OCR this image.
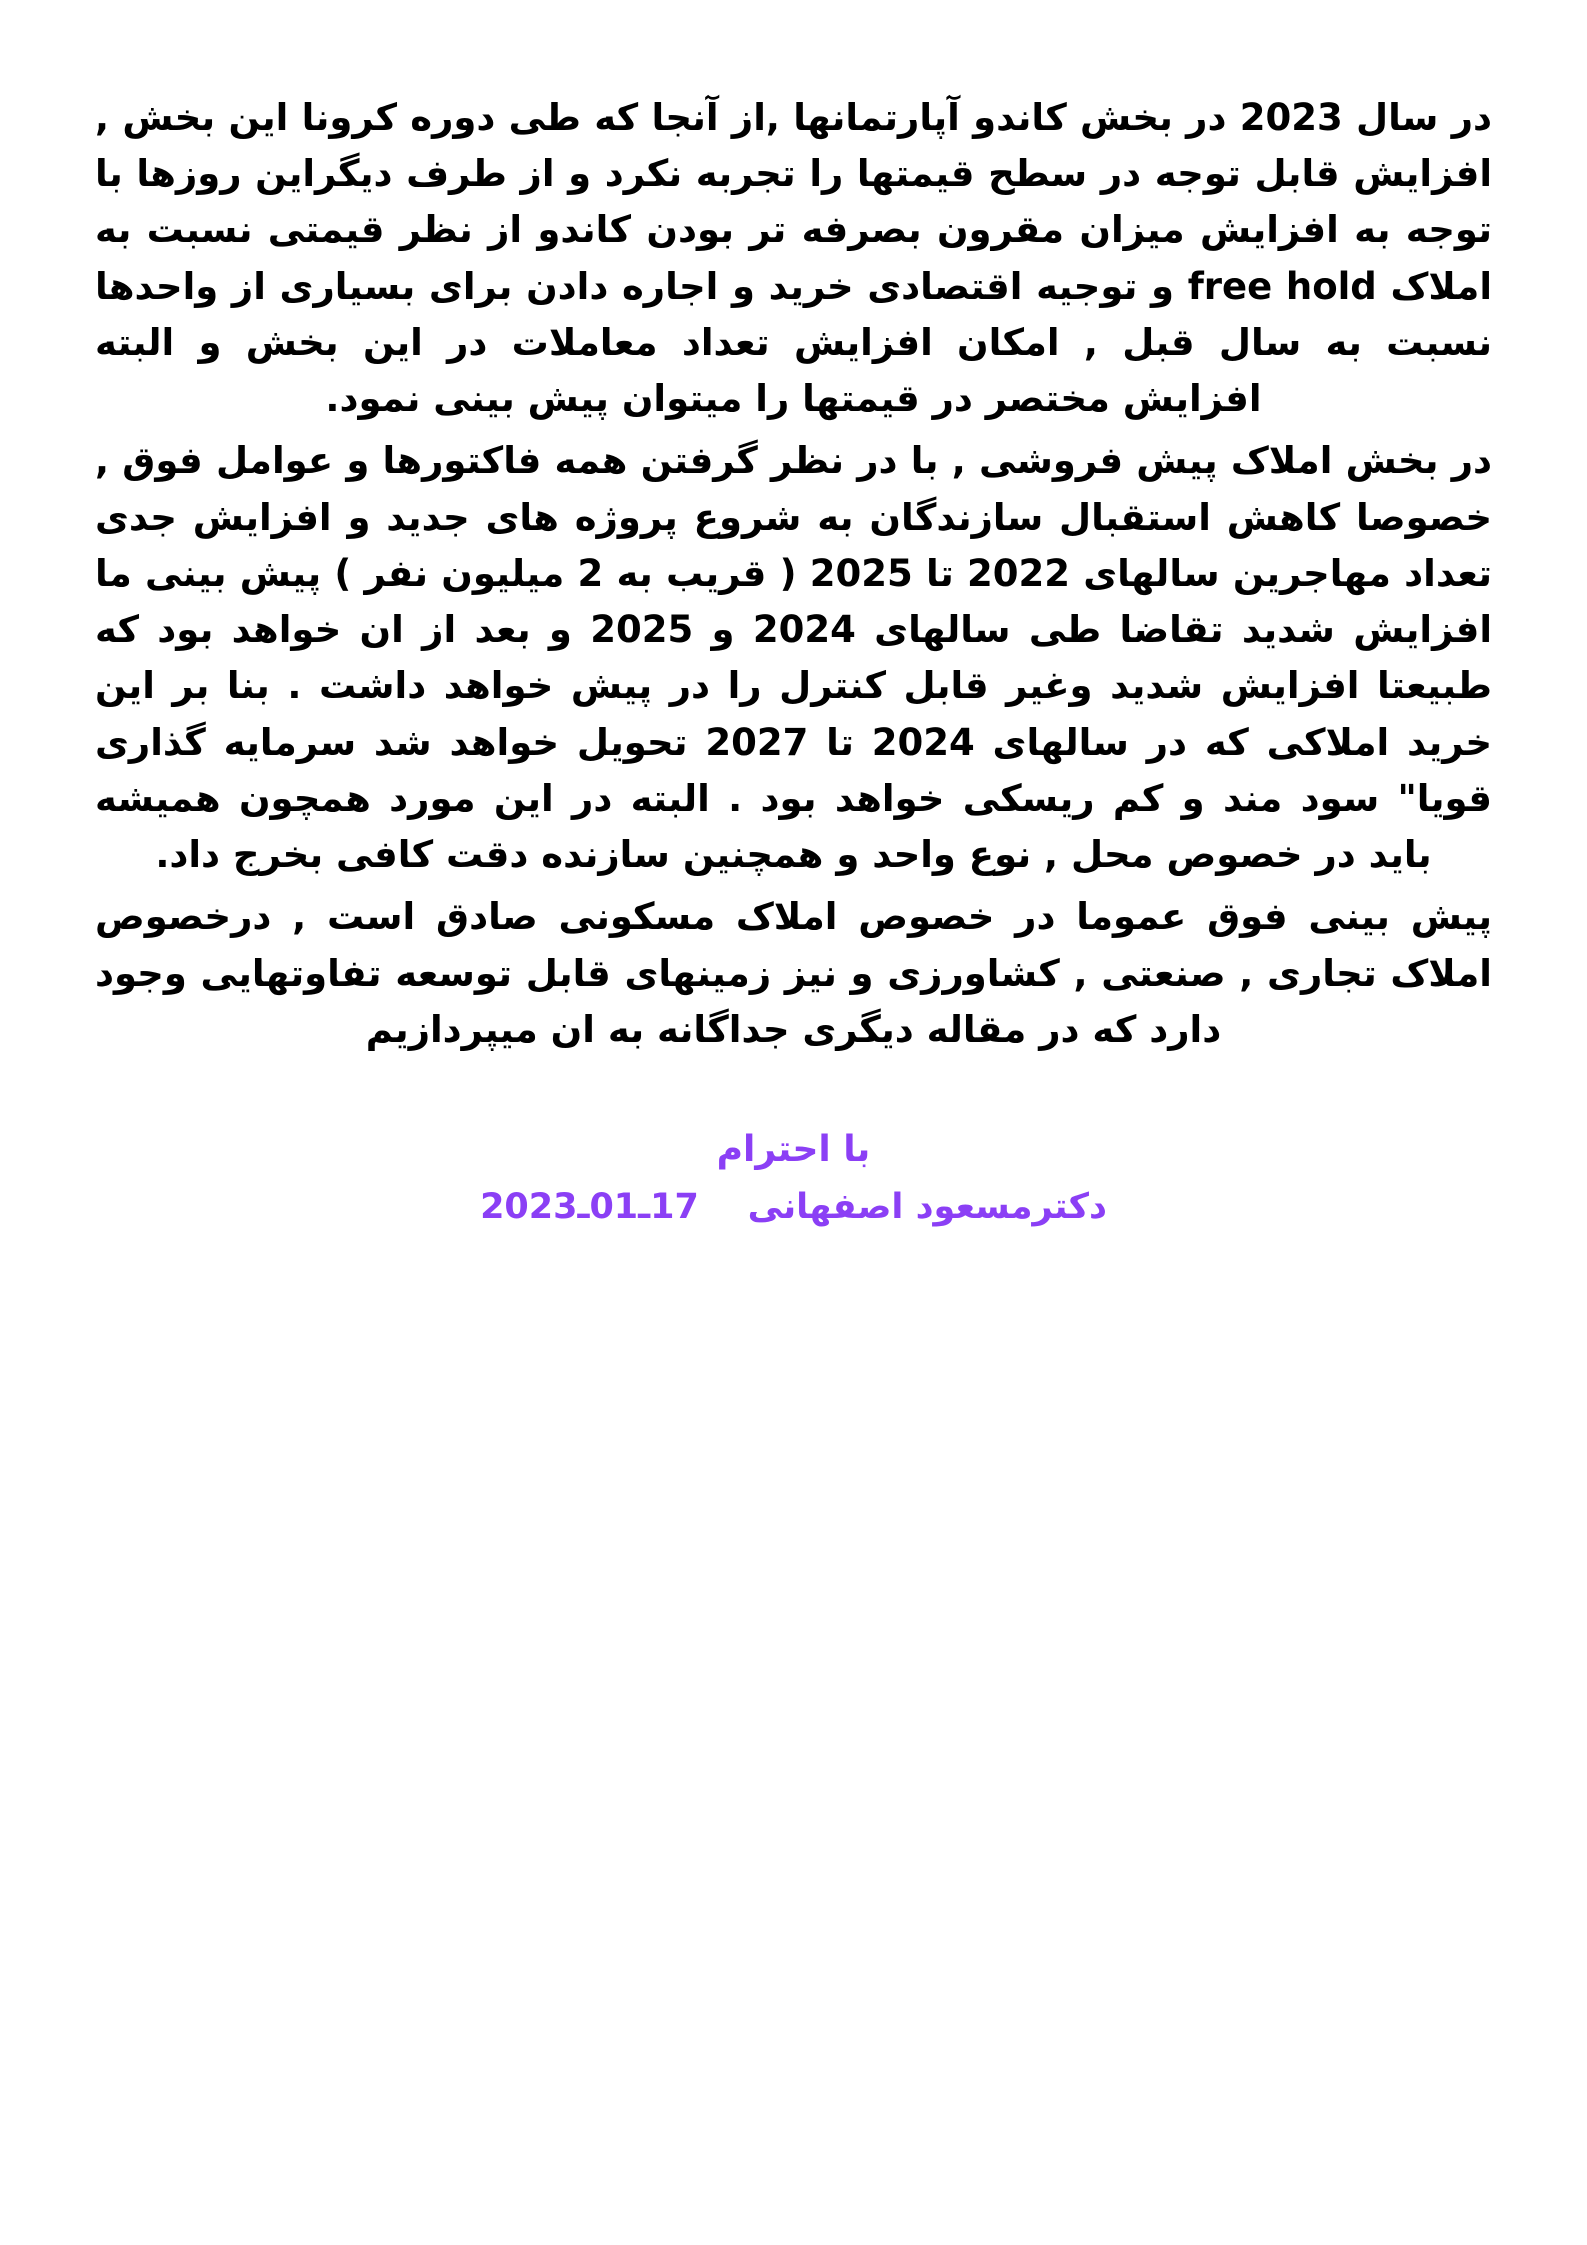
در سال 2023 در بخش کاندو آپارتمانها ,از آنجا که طی دوره کرونا این بخش , افزایش قابل توجه در سطح قیمتها را تجربه نکرد و از طرف دیگراین روزها با توجه به افزایش میزان مقرون بصرفه تر بودن کاندو از نظر قیمتی نسبت به املاک free hold و توجیه اقتصادی خرید و اجاره دادن برای بسیاری از واحدها نسبت به سال قبل , امکان افزایش تعداد معاملات در این بخش و البته افزایش مختصر در قیمتها را میتوان پیش بینی نمود.

در بخش املاک پیش فروشی , با در نظر گرفتن همه فاکتورها و عوامل فوق , خصوصا کاهش استقبال سازندگان به شروع پروژه های جدید و افزایش جدی تعداد مهاجرین سالهای 2022 تا 2025 ( قریب به 2 میلیون نفر ) پیش بینی ما افزایش شدید تقاضا طی سالهای 2024 و 2025 و بعد از ان خواهد بود که طبیعتا افزایش شدید وغیر قابل کنترل را در پیش خواهد داشت . بنا بر این خرید املاکی که در سالهای 2024 تا 2027 تحویل خواهد شد سرمایه گذاری قویا" سود مند و کم ریسکی خواهد بود . البته در این مورد همچون همیشه باید در خصوص محل , نوع واحد و همچنین سازنده دقت کافی بخرج داد.

پیش بینی فوق عموما در خصوص املاک مسکونی صادق است , درخصوص املاک تجاری , صنعتی , کشاورزی و نیز زمینهای قابل توسعه تفاوتهایی وجود دارد که در مقاله دیگری جداگانه به ان میپردازیم

با احترام
دکترمسعود اصفهانی    17ـ01ـ2023
